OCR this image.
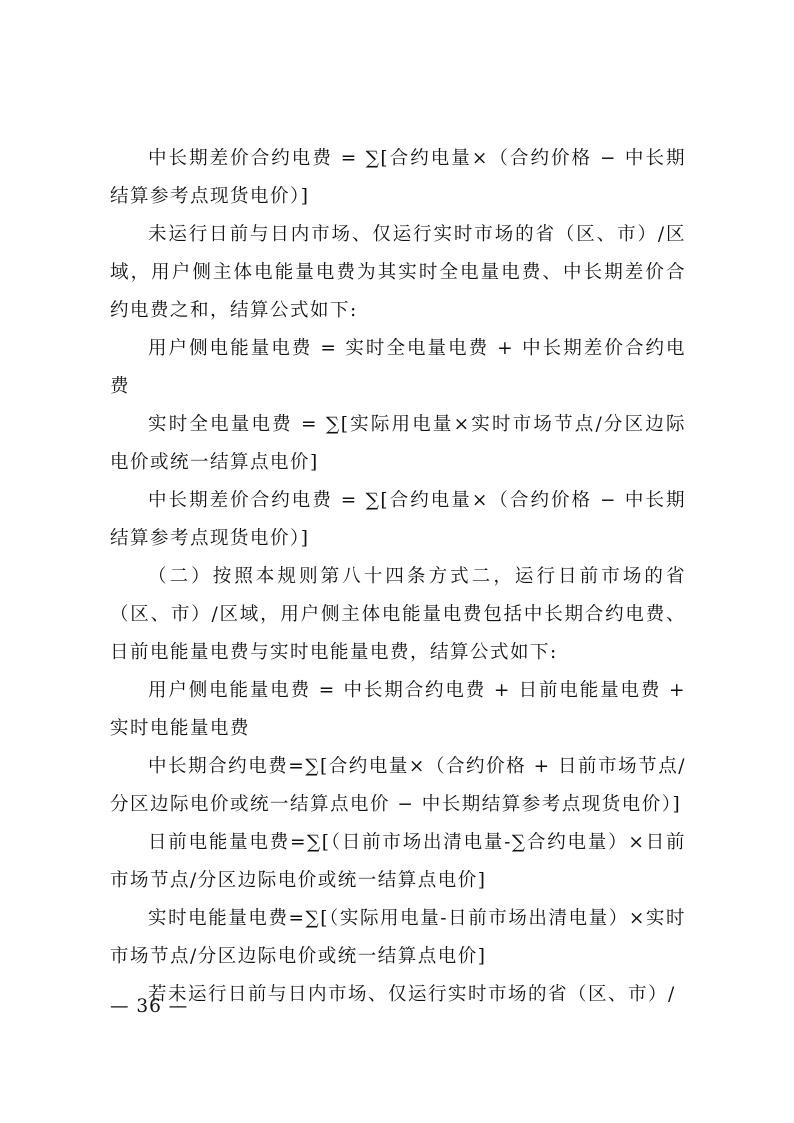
中长期差价合约电费 = ∑[合约电量×（合约价格 − 中长期结算参考点现货电价）]

未运行日前与日内市场、仅运行实时市场的省（区、市）/区域，用户侧主体电能量电费为其实时全电量电费、中长期差价合约电费之和，结算公式如下:

用户侧电能量电费 = 实时全电量电费 + 中长期差价合约电费

实时全电量电费 = ∑[实际用电量×实时市场节点/分区边际电价或统一结算点电价]

中长期差价合约电费 = ∑[合约电量×（合约价格 − 中长期结算参考点现货电价）]

（二）按照本规则第八十四条方式二，运行日前市场的省（区、市）/区域，用户侧主体电能量电费包括中长期合约电费、日前电能量电费与实时电能量电费，结算公式如下:

用户侧电能量电费 = 中长期合约电费 + 日前电能量电费 + 实时电能量电费

中长期合约电费=∑[合约电量×（合约价格 + 日前市场节点/分区边际电价或统一结算点电价 − 中长期结算参考点现货电价）]

日前电能量电费=∑[（日前市场出清电量-∑合约电量）×日前市场节点/分区边际电价或统一结算点电价]

实时电能量电费=∑[（实际用电量-日前市场出清电量）×实时市场节点/分区边际电价或统一结算点电价]

若未运行日前与日内市场、仅运行实时市场的省（区、市）/

— 36 —
